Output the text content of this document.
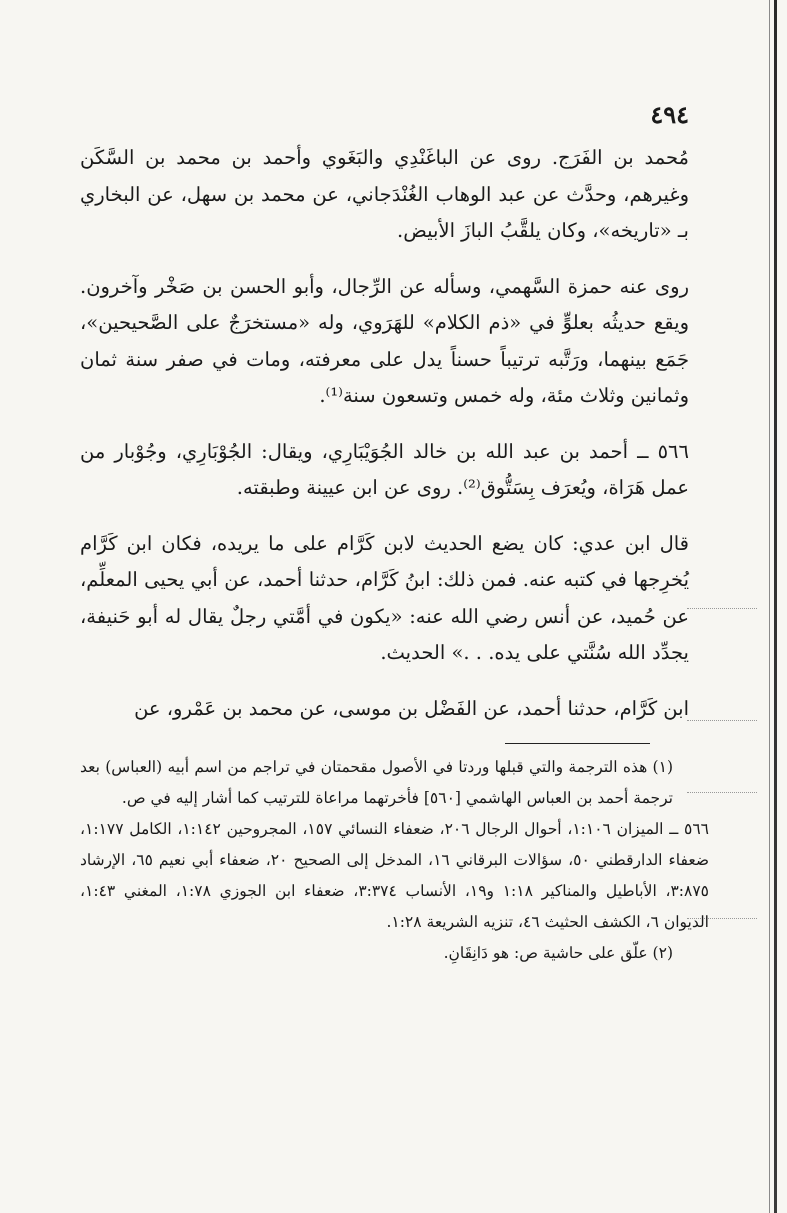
٤٩٤

مُحمد بن الفَرَج. روى عن الباغَنْدِي والبَغَوي وأحمد بن محمد بن السَّكَن وغيرهم، وحدَّث عن عبد الوهاب الغُنْدَجاني، عن محمد بن سهل، عن البخاري بـ «تاريخه»، وكان يلقَّبُ البازَ الأبيض.

روى عنه حمزة السَّهمي، وسأله عن الرِّجال، وأبو الحسن بن صَخْر وآخرون. ويقع حديثُه بعلوٍّ في «ذم الكلام» للهَرَوي، وله «مستخرَجٌ على الصَّحيحين»، جَمَع بينهما، ورَتَّبه ترتيباً حسناً يدل على معرفته، ومات في صفر سنة ثمان وثمانين وثلاث مئة، وله خمس وتسعون سنة⁽¹⁾.

٥٦٦ ــ أحمد بن عبد الله بن خالد الجُوَيْبَارِي، ويقال: الجُوْبَارِي، وجُوْبار من عمل هَرَاة، ويُعرَف بِسَتُّوق⁽²⁾. روى عن ابن عيينة وطبقته.

قال ابن عدي: كان يضع الحديث لابن كَرَّام على ما يريده، فكان ابن كَرَّام يُخرِجها في كتبه عنه. فمن ذلك: ابنُ كَرَّام، حدثنا أحمد، عن أبي يحيى المعلِّم، عن حُميد، عن أنس رضي الله عنه: «يكون في أمَّتي رجلٌ يقال له أبو حَنيفة، يجدِّد الله سُنَّتي على يده. . .» الحديث.

ابن كَرَّام، حدثنا أحمد، عن الفَضْل بن موسى، عن محمد بن عَمْرو، عن

(١) هذه الترجمة والتي قبلها وردتا في الأصول مقحمتان في تراجم من اسم أبيه (العباس) بعد ترجمة أحمد بن العباس الهاشمي [٥٦٠] فأخرتهما مراعاة للترتيب كما أشار إليه في ص.

٥٦٦ ــ الميزان ١:١٠٦، أحوال الرجال ٢٠٦، ضعفاء النسائي ١٥٧، المجروحين ١:١٤٢، الكامل ١:١٧٧، ضعفاء الدارقطني ٥٠، سؤالات البرقاني ١٦، المدخل إلى الصحيح ٢٠، ضعفاء أبي نعيم ٦٥، الإرشاد ٣:٨٧٥، الأباطيل والمناكير ١:١٨ و١٩، الأنساب ٣:٣٧٤، ضعفاء ابن الجوزي ١:٧٨، المغني ١:٤٣، الديوان ٦، الكشف الحثيث ٤٦، تنزيه الشريعة ١:٢٨.

(٢) علّق على حاشية ص: هو دَانِقَانِ.
